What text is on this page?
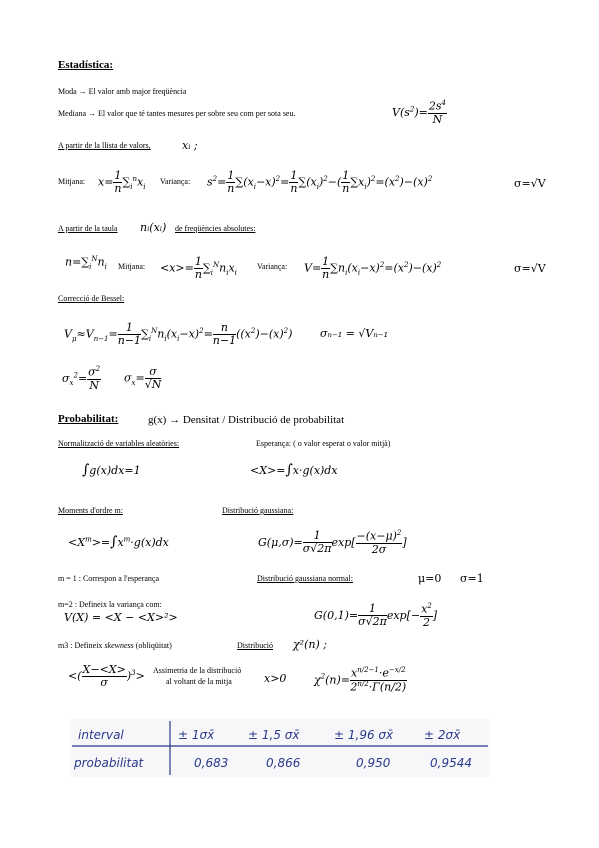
Estadística:
Moda → El valor amb major freqüència
Mediana → El valor que té tantes mesures per sobre seu com per sota seu.	$V(s^2)= \frac{2s^4}{N}$
A partir de la llista de valors,	xᵢ ;
Mitjana: $x= \frac{1}{n} \sum_i^nx_i$
Variança: $s^2= \frac{1}{n} \sum(x_i-x)^2= \frac{1}{n} \sum(x_i)^2-( \frac{1}{n} \sum x_i)^2=(x^2)-(x)^2$	σ=√V
A partir de la taula nᵢ(xᵢ) de freqüències absolutes:
$n=\sum_i^Nn_i$ Mitjana: $<x>= \frac{1}{n} \sum_i^Nn_ix_i$
Variança: $V= \frac{1}{n} \sum n_i(x_i-x)^2=(x^2)-(x)^2$	σ=√V
Correcció de Bessel:
$V_\mu\approx V_{n-1}= \frac{1}{n-1} \sum_i^Nn_i(x_i-x)^2= \frac{n}{n-1} ((x^2)-(x)^2)$	σₙ₋₁ = √Vₙ₋₁
$\sigma_x^2= \frac{\sigma^2}{N} \sigma_x= \frac{\sigma}{√N}$
Probabilitat:	g(x) → Densitat / Distribució de probabilitat
Normalització de variables aleatòries:	Esperança: ( o valor esperat o valor mitjà)
∫g(x)dx=1	<X>=∫x·g(x)dx
Moments d'ordre m:	Distribució gaussiana:
$<X^m>=\int x^m\cdot g(x)dx$	$G(\mu,\sigma)= \frac{1}{\sigma√2\pi} \exp[ \frac{-(x-\mu)^2}{2\sigma}$ ]
m = 1 : Correspon a l'esperança	Distribució gaussiana normal:	μ=0 σ=1
m=2 : Defineix la variança com:
V(X) = <X − <X>²>	$G(0,1)= \frac{1}{\sigma√2\pi} \exp[- \frac{x^2}{2}$ ]
m3 : Defineix skewness (obliqüitat)	Distribució χ²(n) ;
<( $\frac{X-<X>}{\sigma} )^3>$ Assimetria de la distribució
al voltant de la mitja	x>0	$\chi^2(n)= \frac{x^{n/2-1}\cdot e^{-x/2}}{2^{n/2}\cdot\Gamma(n/2)}$
interval	± 1σx̄	± 1,5 σx̄	± 1,96 σx̄	± 2σx̄
probabilitat	0,683	0,866	0,950	0,9544
